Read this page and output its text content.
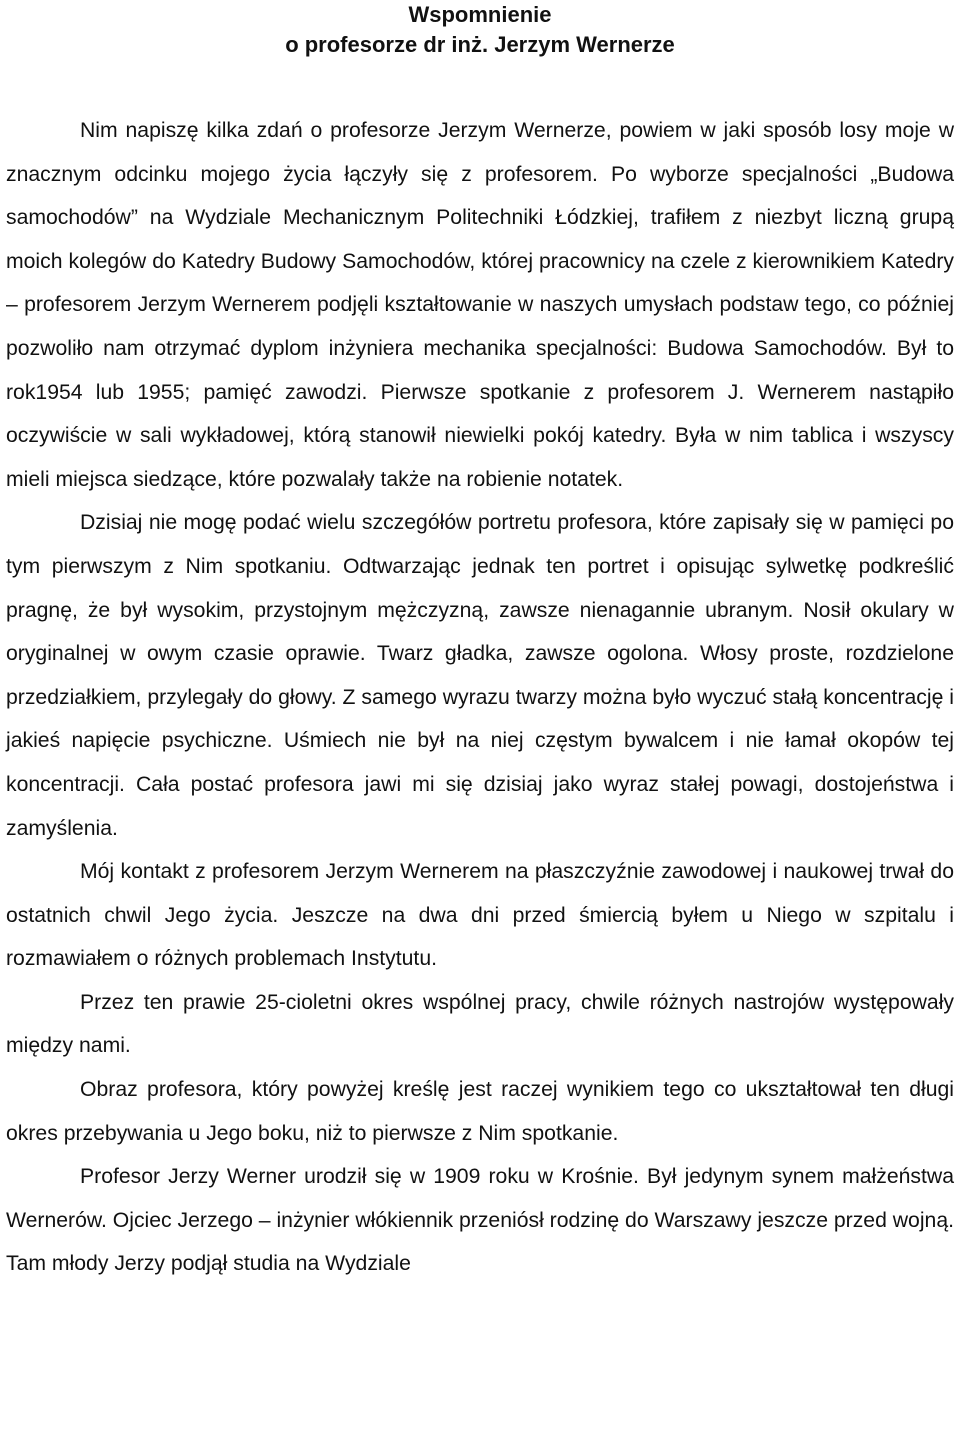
Wspomnienie
o profesorze dr inż. Jerzym Wernerze

Nim napiszę kilka zdań o profesorze Jerzym Wernerze, powiem w jaki sposób losy moje w znacznym odcinku mojego życia łączyły się z profesorem. Po wyborze specjalności „Budowa samochodów” na Wydziale Mechanicznym Politechniki Łódzkiej, trafiłem z niezbyt liczną grupą moich kolegów do Katedry Budowy Samochodów, której pracownicy na czele z kierownikiem Katedry – profesorem Jerzym Wernerem podjęli kształtowanie w naszych umysłach podstaw tego, co później pozwoliło nam otrzymać dyplom inżyniera mechanika specjalności: Budowa Samochodów. Był to rok1954 lub 1955; pamięć zawodzi. Pierwsze spotkanie z profesorem J. Wernerem nastąpiło oczywiście w sali wykładowej, którą stanowił niewielki pokój katedry. Była w nim tablica i wszyscy mieli miejsca siedzące, które pozwalały także na robienie notatek.

Dzisiaj nie mogę podać wielu szczegółów portretu profesora, które zapisały się w pamięci po tym pierwszym z Nim spotkaniu. Odtwarzając jednak ten portret i opisując sylwetkę podkreślić pragnę, że był wysokim, przystojnym mężczyzną, zawsze nienagannie ubranym. Nosił okulary w oryginalnej w owym czasie oprawie. Twarz gładka, zawsze ogolona. Włosy proste, rozdzielone przedziałkiem, przylegały do głowy. Z samego wyrazu twarzy można było wyczuć stałą koncentrację i jakieś napięcie psychiczne. Uśmiech nie był na niej częstym bywalcem i nie łamał okopów tej koncentracji. Cała postać profesora jawi mi się dzisiaj jako wyraz stałej powagi, dostojeństwa i zamyślenia.

Mój kontakt z profesorem Jerzym Wernerem na płaszczyźnie zawodowej i naukowej trwał do ostatnich chwil Jego życia. Jeszcze na dwa dni przed śmiercią byłem u Niego w szpitalu i rozmawiałem o różnych problemach Instytutu.

Przez ten prawie 25-cioletni okres wspólnej pracy, chwile różnych nastrojów występowały między nami.

Obraz profesora, który powyżej kreślę jest raczej wynikiem tego co ukształtował ten długi okres przebywania u Jego boku, niż to pierwsze z Nim spotkanie.

Profesor Jerzy Werner urodził się w 1909 roku w Krośnie. Był jedynym synem małżeństwa Wernerów. Ojciec Jerzego – inżynier włókiennik przeniósł rodzinę do Warszawy jeszcze przed wojną. Tam młody Jerzy podjął studia na Wydziale
